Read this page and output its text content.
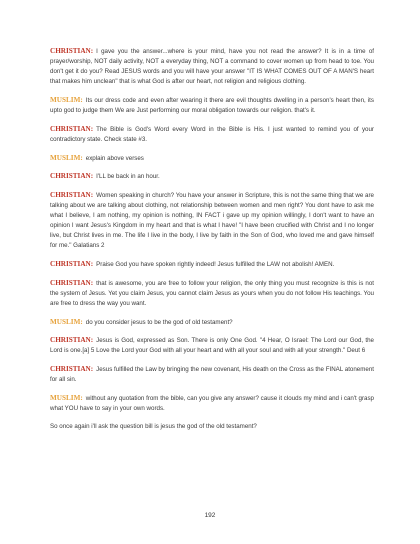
CHRISTIAN: I gave you the answer...where is your mind, have you not read the answer? It is in a time of prayer/worship, NOT daily activity, NOT a everyday thing, NOT a command to cover women up from head to toe. You don't get it do you? Read JESUS words and you will have your answer "IT IS WHAT COMES OUT OF A MAN'S heart that makes him unclean" that is what God is after our heart, not religion and religious clothing.

MUSLIM: Its our dress code and even after wearing it there are evil thoughts dwelling in a person's heart then, its upto god to judge them We are Just performing our moral obligation towards our religion. that's it.

CHRISTIAN: The Bible is God's Word every Word in the Bible is His. I just wanted to remind you of your contradictory state. Check state #3.

MUSLIM: explain above verses

CHRISTIAN: I'LL be back in an hour.

CHRISTIAN: Women speaking in church? You have your answer in Scripture, this is not the same thing that we are talking about we are talking about clothing, not relationship between women and men right? You dont have to ask me what I believe, I am nothing, my opinion is nothing, IN FACT i gave up my opinion willingly, I don't want to have an opinion I want Jesus's Kingdom in my heart and that is what I have! "I have been crucified with Christ and I no longer live, but Christ lives in me. The life I live in the body, I live by faith in the Son of God, who loved me and gave himself for me." Galatians 2

CHRISTIAN: Praise God you have spoken rightly indeed! Jesus fulfilled the LAW not abolish! AMEN.

CHRISTIAN: that is awesome, you are free to follow your religion, the only thing you must recognize is this is not the system of Jesus. Yet you claim Jesus, you cannot claim Jesus as yours when you do not follow His teachings. You are free to dress the way you want.

MUSLIM: do you consider jesus to be the god of old testament?

CHRISTIAN: Jesus is God, expressed as Son. There is only One God. "4 Hear, O Israel: The Lord our God, the Lord is one.[a] 5 Love the Lord your God with all your heart and with all your soul and with all your strength." Deut 6

CHRISTIAN: Jesus fulfilled the Law by bringing the new covenant, His death on the Cross as the FINAL atonement for all sin.

MUSLIM: without any quotation from the bible, can you give any answer? cause it clouds my mind and i can't grasp what YOU have to say in your own words.

So once again i'll ask the question bill is jesus the god of the old testament?

192
